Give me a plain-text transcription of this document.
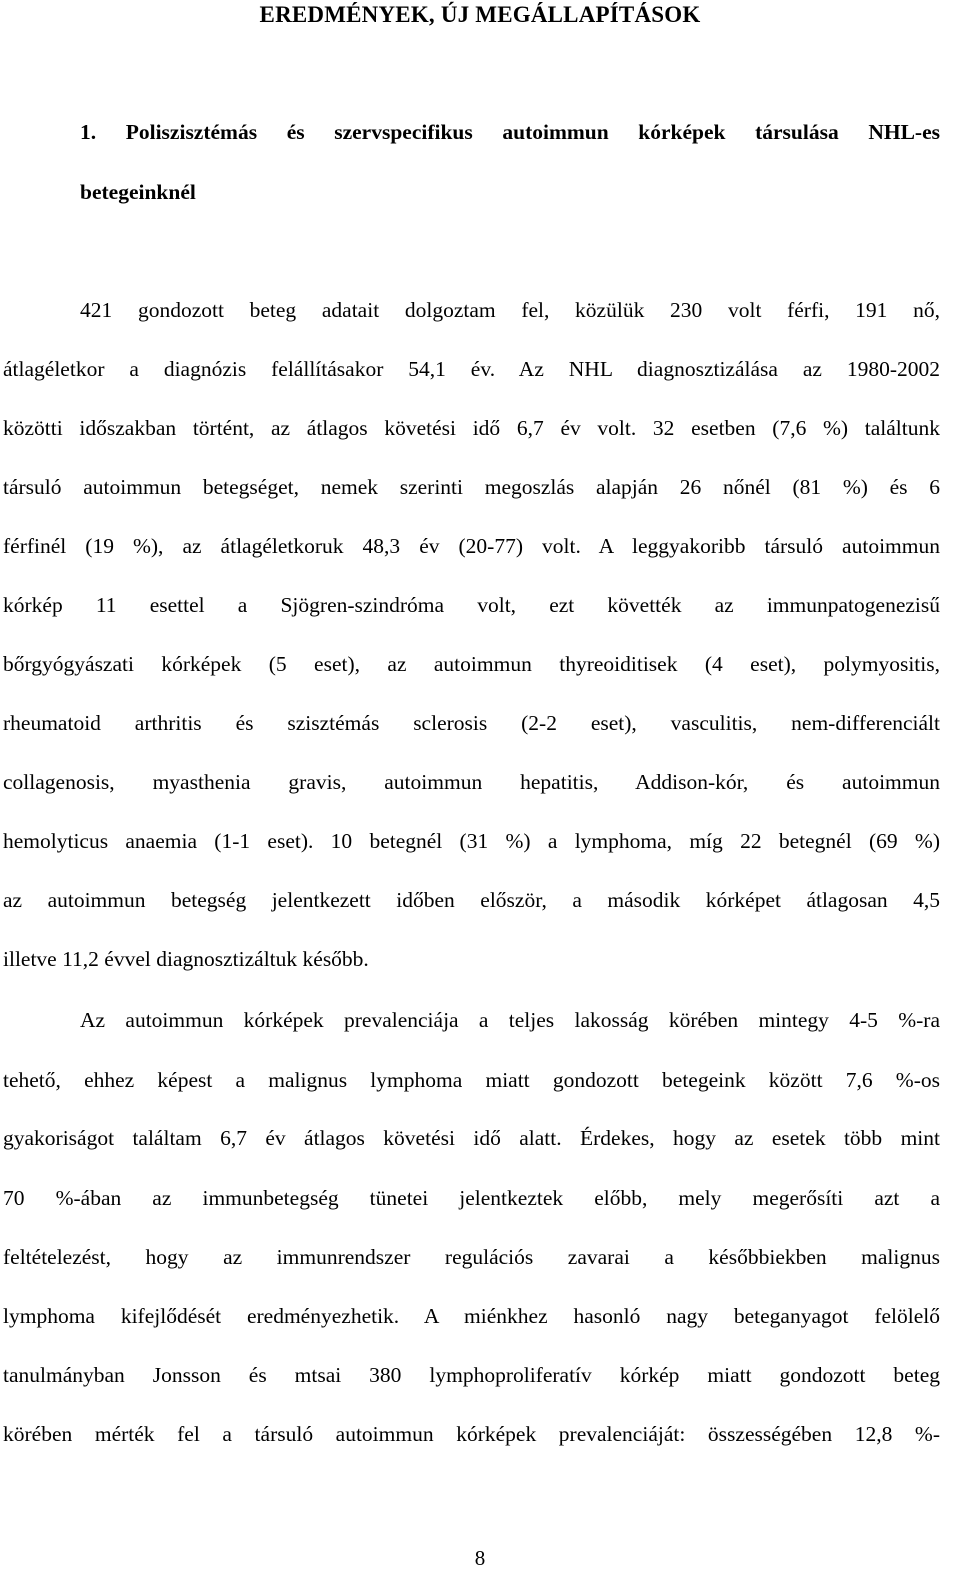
EREDMÉNYEK, ÚJ MEGÁLLAPÍTÁSOK
1. Poliszisztémás és szervspecifikus autoimmun kórképek társulása NHL-es
betegeinknél
421 gondozott beteg adatait dolgoztam fel, közülük 230 volt férfi, 191 nő,
átlagéletkor a diagnózis felállításakor 54,1 év. Az NHL diagnosztizálása az 1980-2002
közötti időszakban történt, az átlagos követési idő 6,7 év volt. 32 esetben (7,6 %) találtunk
társuló autoimmun betegséget, nemek szerinti megoszlás alapján 26 nőnél (81 %) és 6
férfinél (19 %), az átlagéletkoruk 48,3 év (20-77) volt. A leggyakoribb társuló autoimmun
kórkép 11 esettel a Sjögren-szindróma volt, ezt követték az immunpatogenezisű
bőrgyógyászati kórképek (5 eset), az autoimmun thyreoiditisek (4 eset), polymyositis,
rheumatoid arthritis és szisztémás sclerosis (2-2 eset), vasculitis, nem-differenciált
collagenosis, myasthenia gravis, autoimmun hepatitis, Addison-kór, és autoimmun
hemolyticus anaemia (1-1 eset). 10 betegnél (31 %) a lymphoma, míg 22 betegnél (69 %)
az autoimmun betegség jelentkezett időben először, a második kórképet átlagosan 4,5
illetve 11,2 évvel diagnosztizáltuk később.
Az autoimmun kórképek prevalenciája a teljes lakosság körében mintegy 4-5 %-ra
tehető, ehhez képest a malignus lymphoma miatt gondozott betegeink között 7,6 %-os
gyakoriságot találtam 6,7 év átlagos követési idő alatt. Érdekes, hogy az esetek több mint
70 %-ában az immunbetegség tünetei jelentkeztek előbb, mely megerősíti azt a
feltételezést, hogy az immunrendszer regulációs zavarai a későbbiekben malignus
lymphoma kifejlődését eredményezhetik. A miénkhez hasonló nagy beteganyagot felölelő
tanulmányban Jonsson és mtsai 380 lymphoproliferatív kórkép miatt gondozott beteg
körében mérték fel a társuló autoimmun kórképek prevalenciáját: összességében 12,8 %-
8
